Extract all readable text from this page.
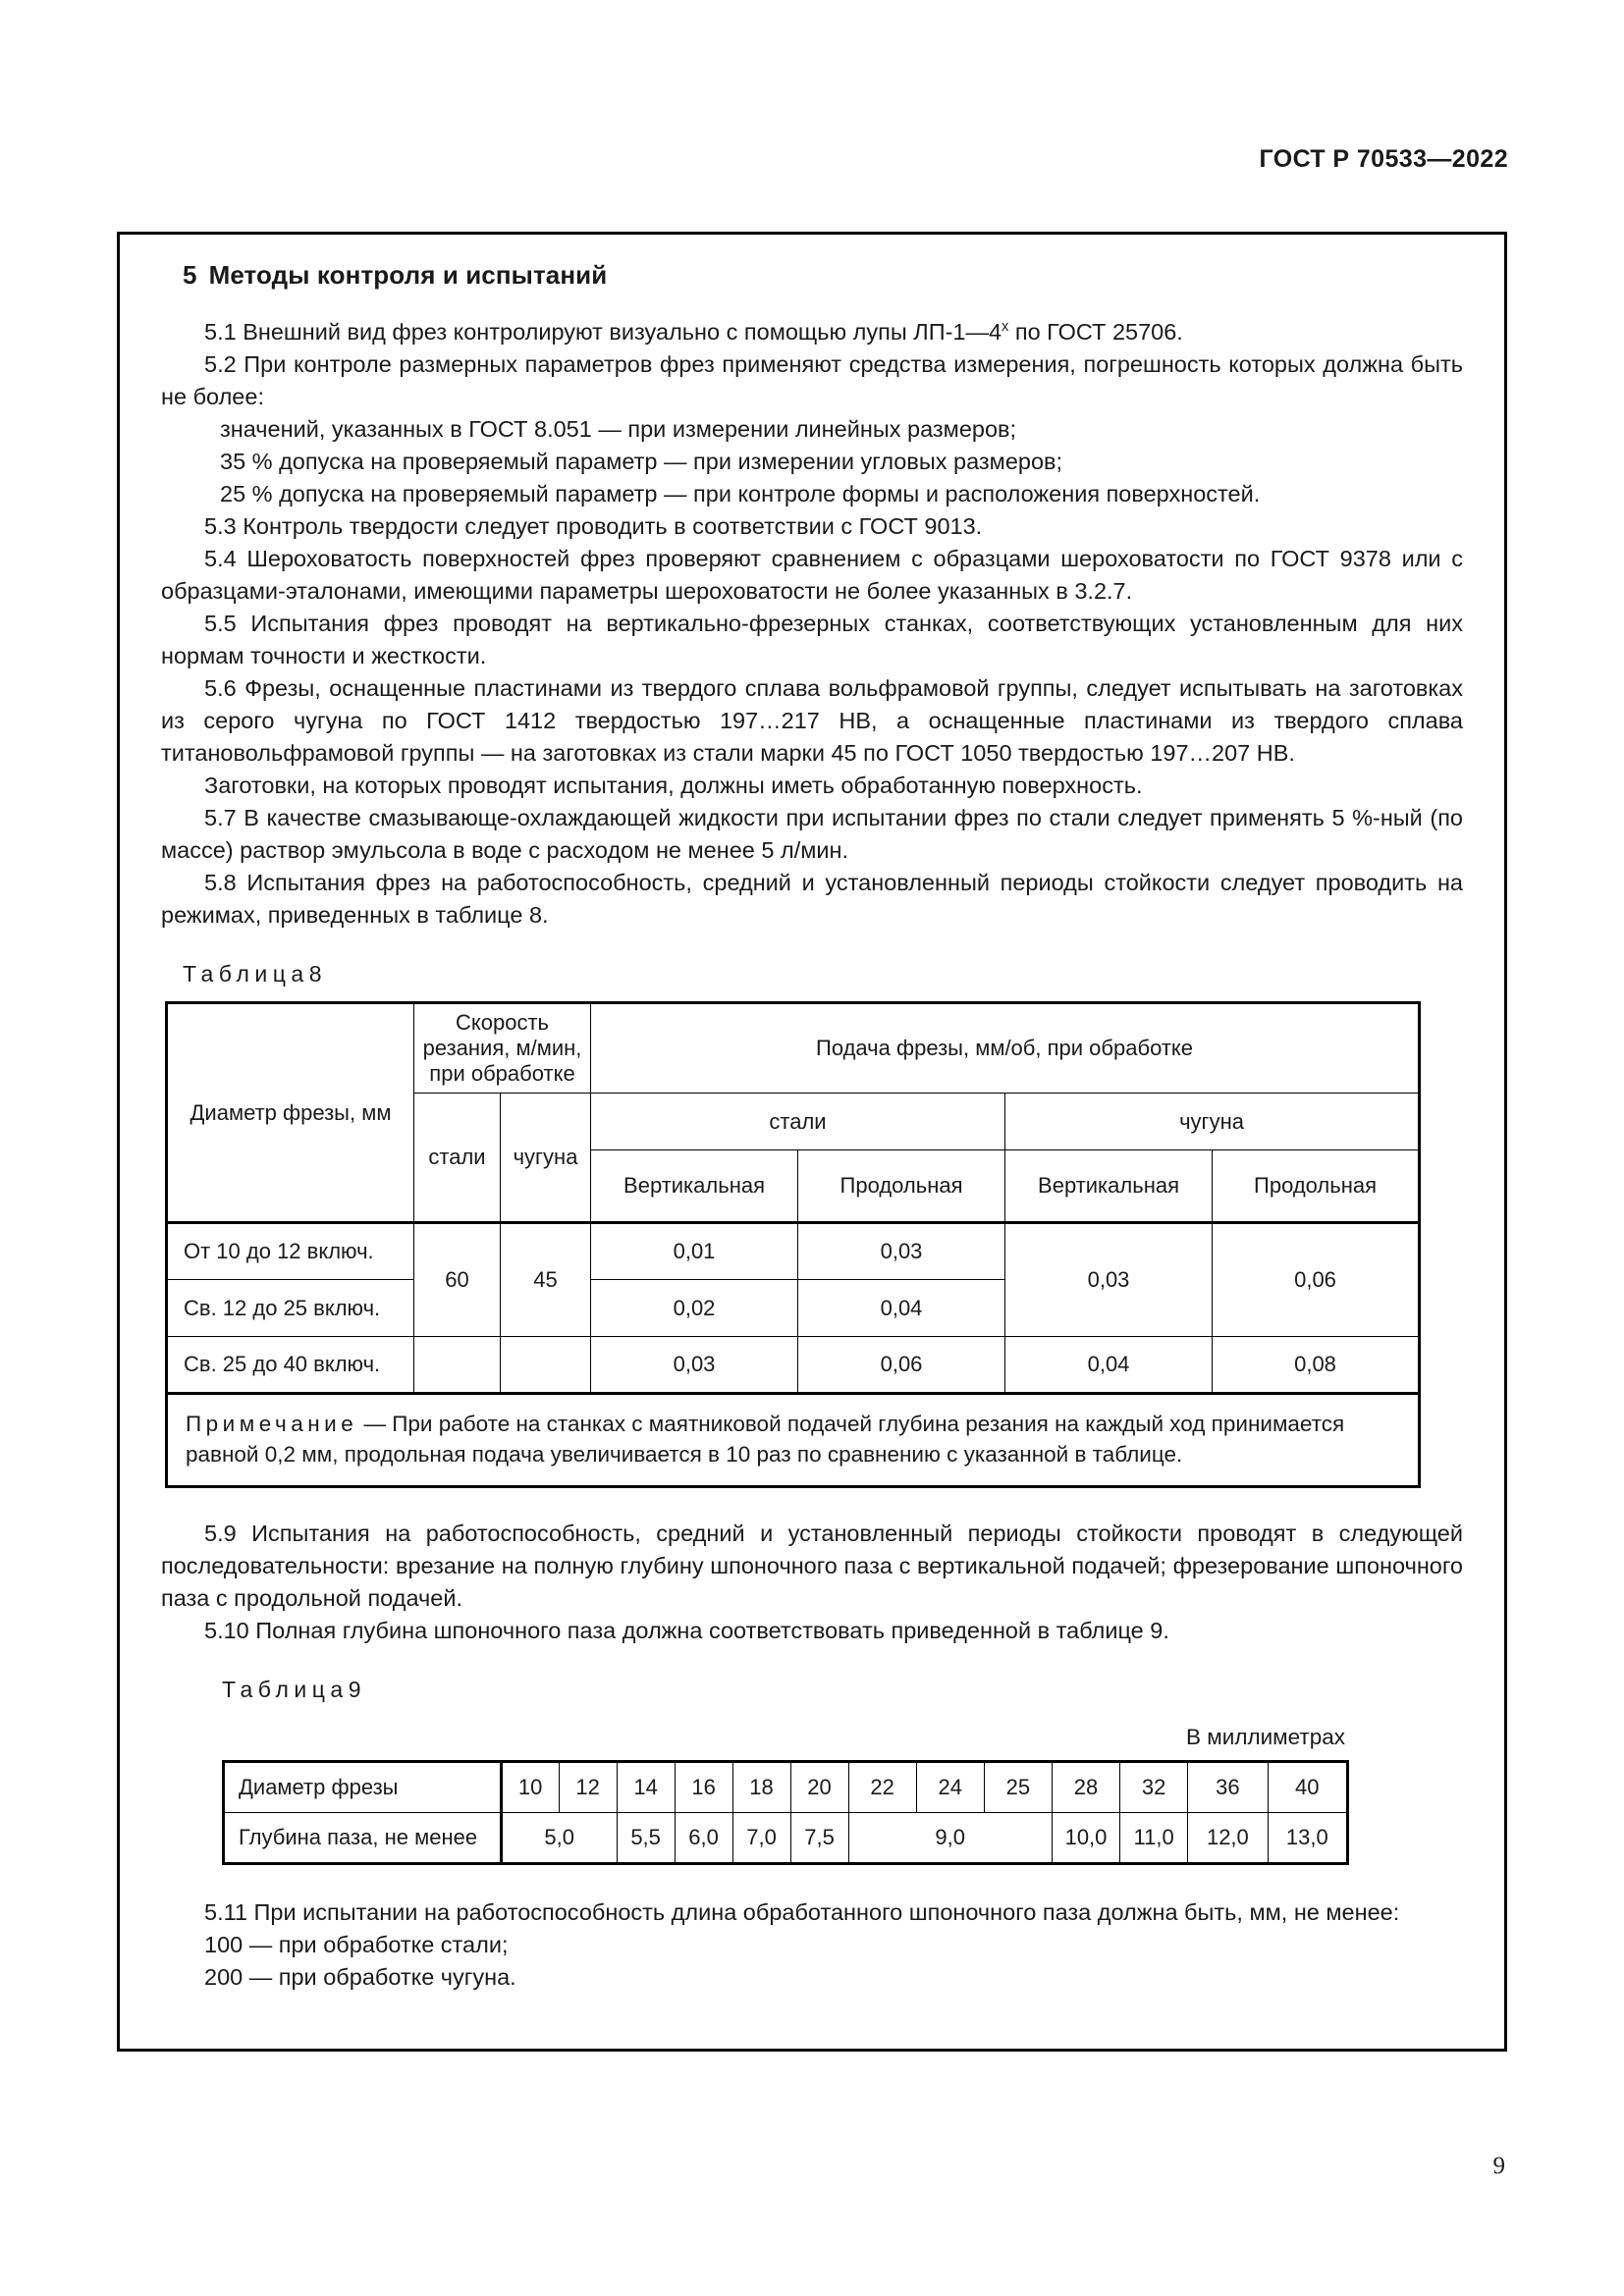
ГОСТ Р 70533—2022
5 Методы контроля и испытаний

5.1 Внешний вид фрез контролируют визуально с помощью лупы $ЛП-1—4^х$ по ГОСТ 25706.

5.2 При контроле размерных параметров фрез применяют средства измерения, погрешность которых должна быть не более:

значений, указанных в ГОСТ 8.051 — при измерении линейных размеров;

35 % допуска на проверяемый параметр — при измерении угловых размеров;

25 % допуска на проверяемый параметр — при контроле формы и расположения поверхностей.

5.3 Контроль твердости следует проводить в соответствии с ГОСТ 9013.

5.4 Шероховатость поверхностей фрез проверяют сравнением с образцами шероховатости по ГОСТ 9378 или с образцами-эталонами, имеющими параметры шероховатости не более указанных в 3.2.7.

5.5 Испытания фрез проводят на вертикально-фрезерных станках, соответствующих установленным для них нормам точности и жесткости.

5.6 Фрезы, оснащенные пластинами из твердого сплава вольфрамовой группы, следует испытывать на заготовках из серого чугуна по ГОСТ 1412 твердостью 197…217 HB, а оснащенные пластинами из твердого сплава титановольфрамовой группы — на заготовках из стали марки 45 по ГОСТ 1050 твердостью 197…207 HB.

Заготовки, на которых проводят испытания, должны иметь обработанную поверхность.

5.7 В качестве смазывающе-охлаждающей жидкости при испытании фрез по стали следует применять 5 %-ный (по массе) раствор эмульсола в воде с расходом не менее 5 л/мин.

5.8 Испытания фрез на работоспособность, средний и установленный периоды стойкости следует проводить на режимах, приведенных в таблице 8.

Таблица8
Диаметр фрезы, мм	Скорость резания, м/мин, при обработке		Подача фрезы, мм/об, при обработке			
	стали	чугуна	стали		чугуна	
			Вертикальная	Продольная	Вертикальная	Продольная
От 10 до 12 включ.	60	45	0,01	0,03	0,03	0,06
Св. 12 до 25 включ.			0,02	0,04		
Св. 25 до 40 включ.			0,03	0,06	0,04	0,08
Примечание — При работе на станках с маятниковой подачей глубина резания на каждый ход принимается равной 0,2 мм, продольная подача увеличивается в 10 раз по сравнению с указанной в таблице.						

5.9 Испытания на работоспособность, средний и установленный периоды стойкости проводят в следующей последовательности: врезание на полную глубину шпоночного паза с вертикальной подачей; фрезерование шпоночного паза с продольной подачей.

5.10 Полная глубина шпоночного паза должна соответствовать приведенной в таблице 9.

Таблица9
В миллиметрах
Диаметр фрезы	10	12	14	16	18	20	22	24	25	28	32	36	40
Глубина паза, не менее	5,0		5,5	6,0	7,0	7,5	9,0			10,0	11,0	12,0	13,0

5.11 При испытании на работоспособность длина обработанного шпоночного паза должна быть, мм, не менее:

100 — при обработке стали;

200 — при обработке чугуна.

9
